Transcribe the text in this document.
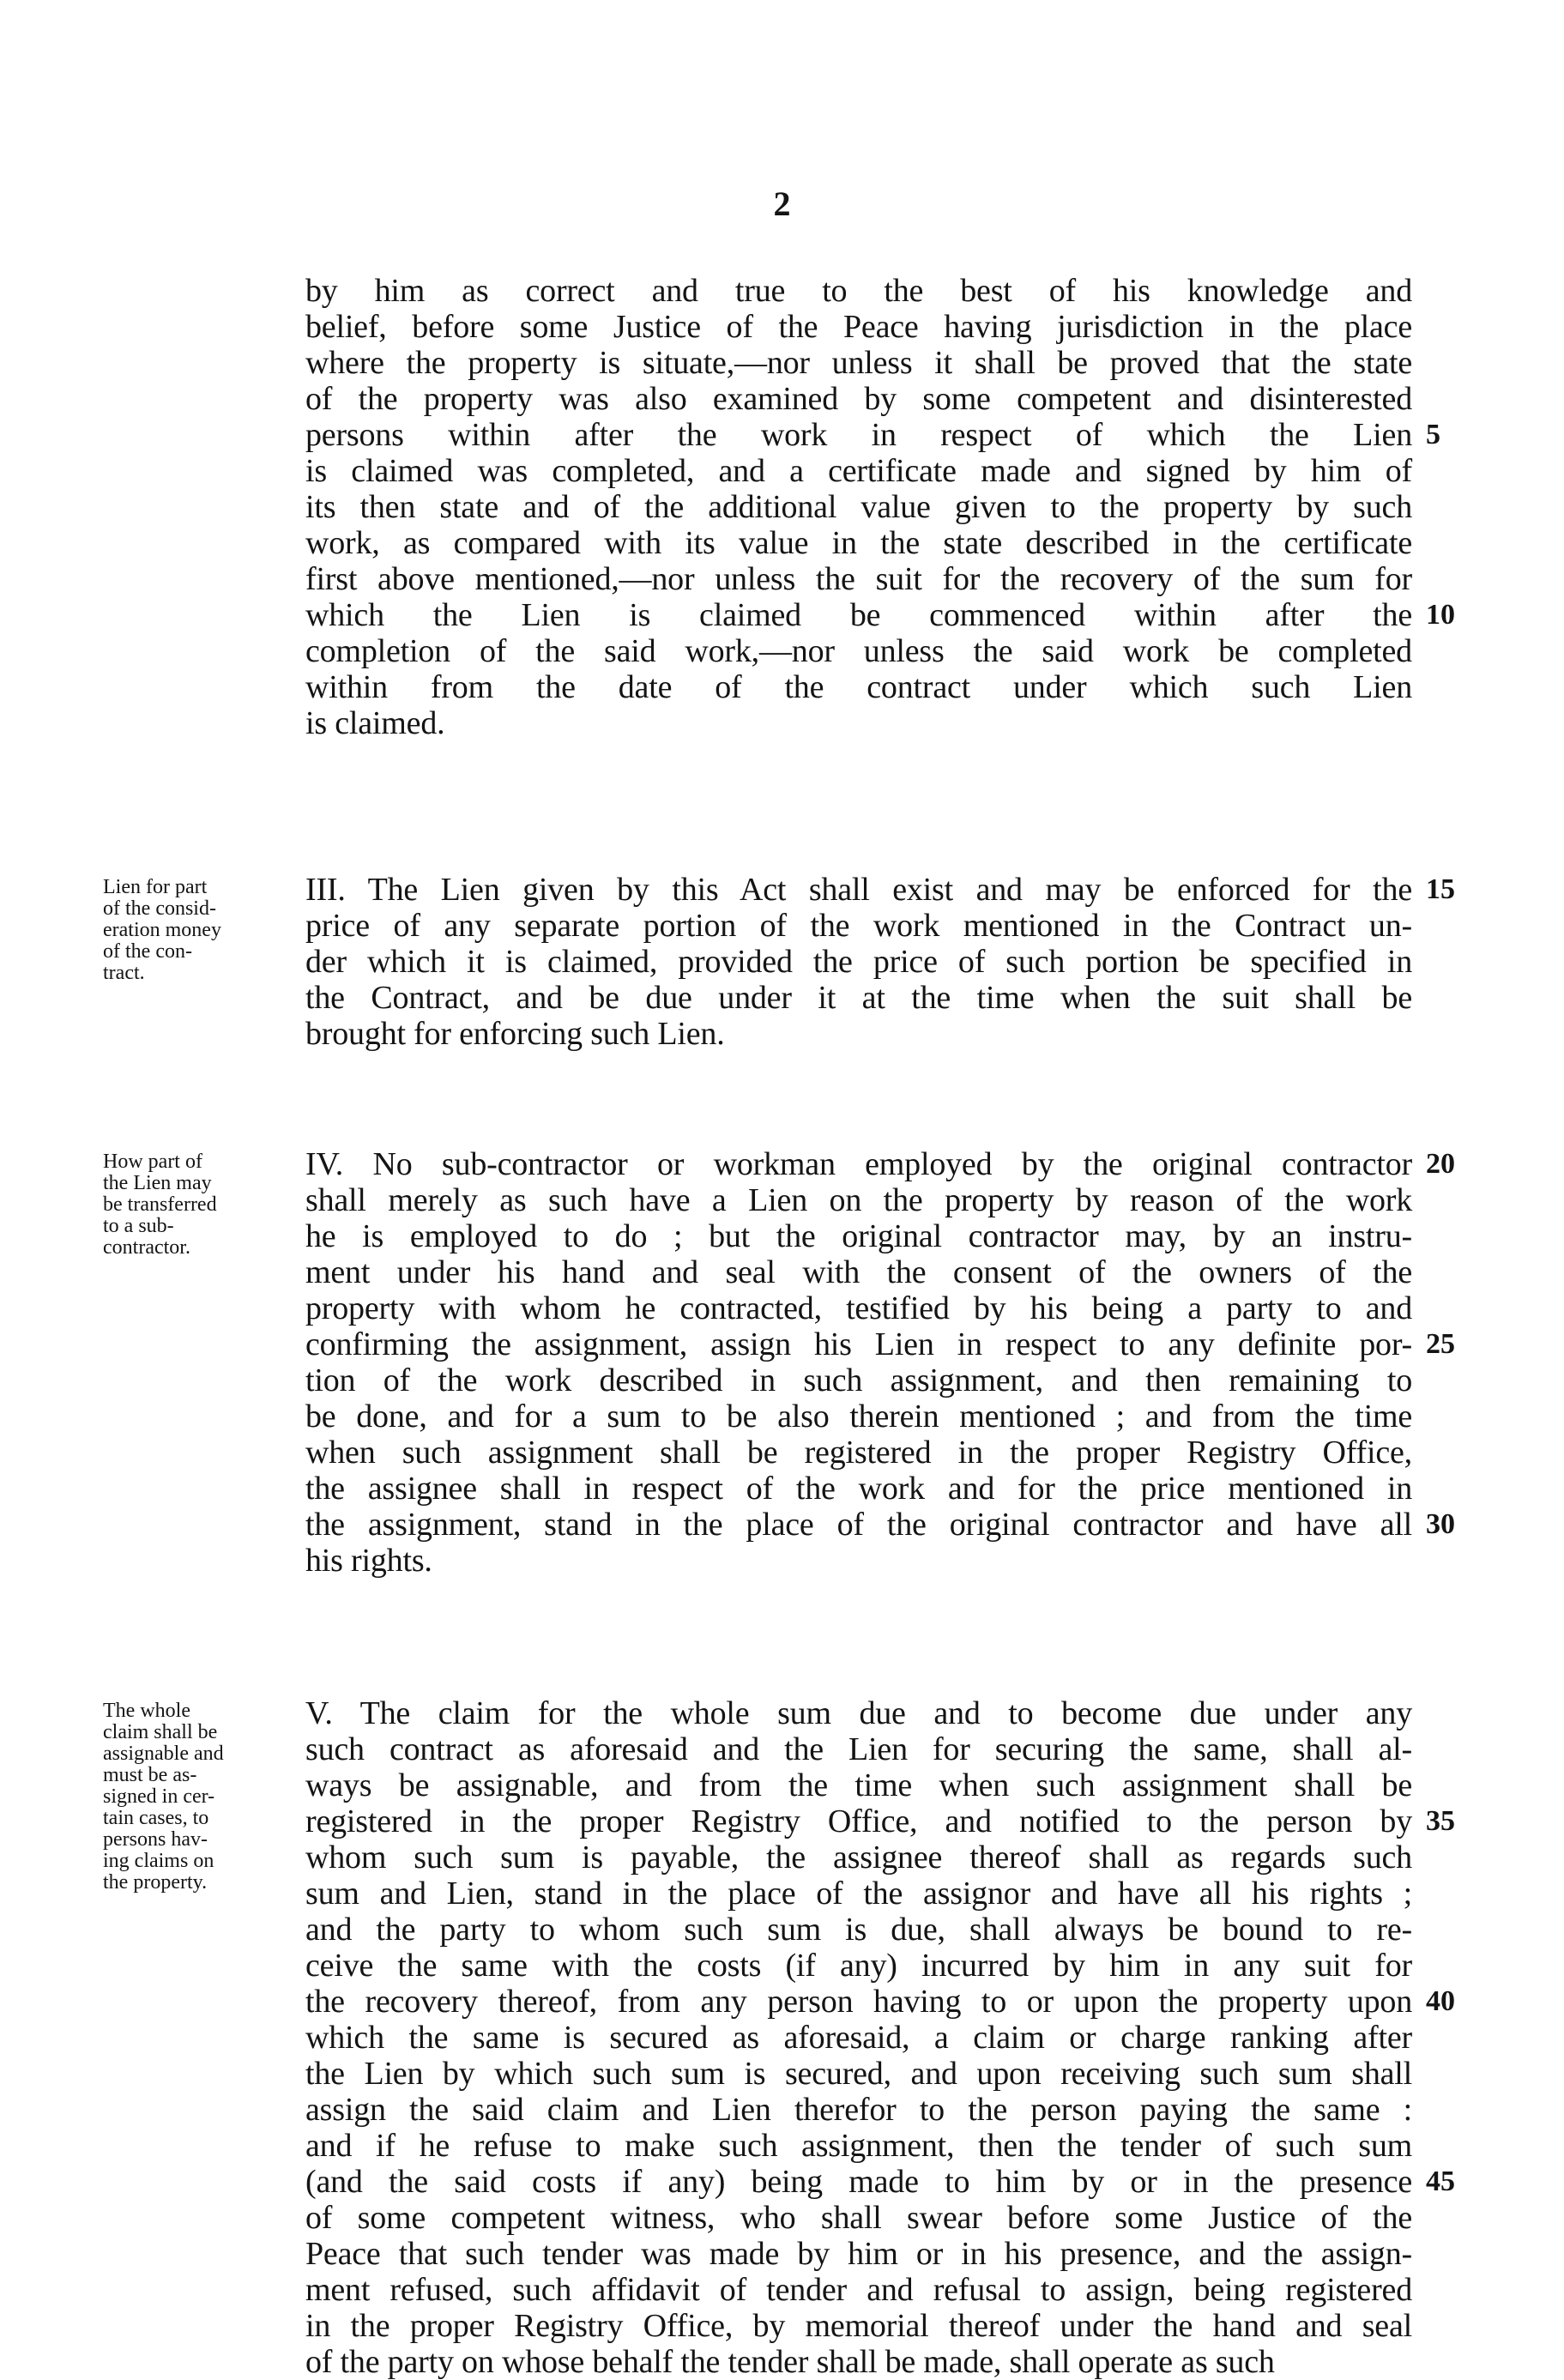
2
by him as correct and true to the best of his knowledge and
belief, before some Justice of the Peace having jurisdiction in the place
where the property is situate,—nor unless it shall be proved that the state
of the property was also examined by some competent and disinterested
persons within after the work in respect of which the Lien
is claimed was completed, and a certificate made and signed by him of
its then state and of the additional value given to the property by such
work, as compared with its value in the state described in the certificate
first above mentioned,—nor unless the suit for the recovery of the sum for
which the Lien is claimed be commenced within after the
completion of the said work,—nor unless the said work be completed
within from the date of the contract under which such Lien
is claimed.
III. The Lien given by this Act shall exist and may be enforced for the
price of any separate portion of the work mentioned in the Contract un-
der which it is claimed, provided the price of such portion be specified in
the Contract, and be due under it at the time when the suit shall be
brought for enforcing such Lien.
Lien for part
of the consid-
eration money
of the con-
tract.
IV. No sub-contractor or workman employed by the original contractor
shall merely as such have a Lien on the property by reason of the work
he is employed to do ; but the original contractor may, by an instru-
ment under his hand and seal with the consent of the owners of the
property with whom he contracted, testified by his being a party to and
confirming the assignment, assign his Lien in respect to any definite por-
tion of the work described in such assignment, and then remaining to
be done, and for a sum to be also therein mentioned ; and from the time
when such assignment shall be registered in the proper Registry Office,
the assignee shall in respect of the work and for the price mentioned in
the assignment, stand in the place of the original contractor and have all
his rights.
How part of
the Lien may
be transferred
to a sub-
contractor.
V. The claim for the whole sum due and to become due under any
such contract as aforesaid and the Lien for securing the same, shall al-
ways be assignable, and from the time when such assignment shall be
registered in the proper Registry Office, and notified to the person by
whom such sum is payable, the assignee thereof shall as regards such
sum and Lien, stand in the place of the assignor and have all his rights ;
and the party to whom such sum is due, shall always be bound to re-
ceive the same with the costs (if any) incurred by him in any suit for
the recovery thereof, from any person having to or upon the property upon
which the same is secured as aforesaid, a claim or charge ranking after
the Lien by which such sum is secured, and upon receiving such sum shall
assign the said claim and Lien therefor to the person paying the same :
and if he refuse to make such assignment, then the tender of such sum
(and the said costs if any) being made to him by or in the presence
of some competent witness, who shall swear before some Justice of the
Peace that such tender was made by him or in his presence, and the assign-
ment refused, such affidavit of tender and refusal to assign, being registered
in the proper Registry Office, by memorial thereof under the hand and seal
of the party on whose behalf the tender shall be made, shall operate as such
The whole
claim shall be
assignable and
must be as-
signed in cer-
tain cases, to
persons hav-
ing claims on
the property.
5
10
15
20
25
30
35
40
45
